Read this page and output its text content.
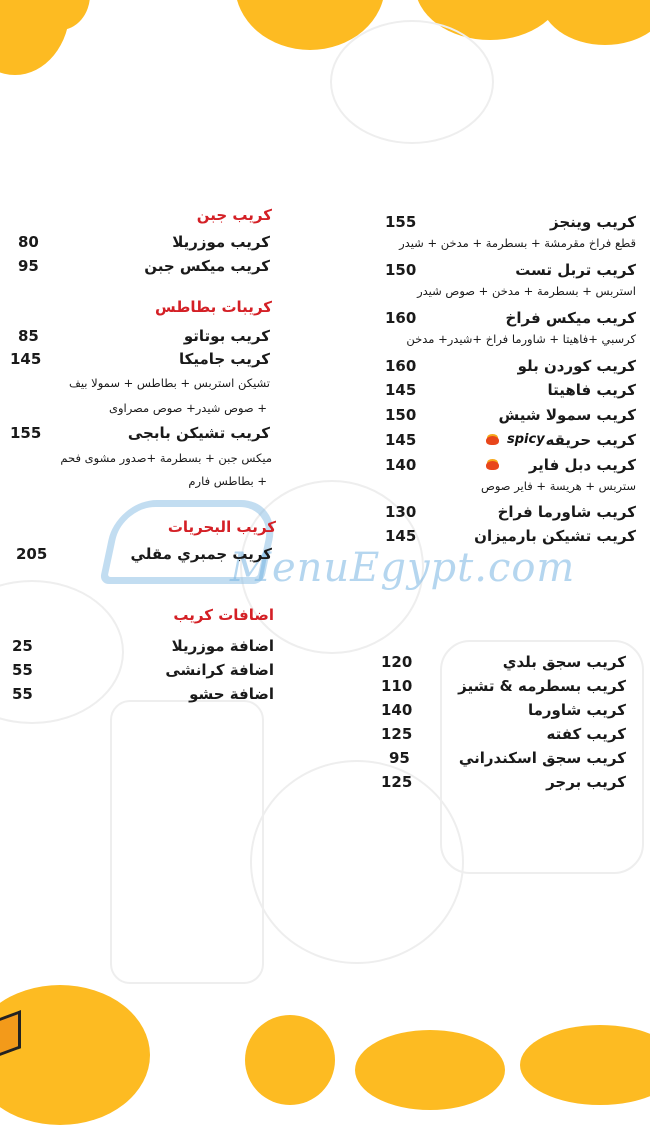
MenuEgypt.com
كريب وينجز
155
قطع فراخ مقرمشة + بسطرمة + مدخن + شيدر
كريب تربل تست
150
استربس + بسطرمة + مدخن + صوص شيدر
كريب ميكس فراخ
160
كرسبي +فاهيتا + شاورما فراخ +شيدر+ مدخن
كريب كوردن بلو
160
كريب فاهيتا
145
كريب سمولا شيش
150
كريب حريقه
spicy
145
كريب دبل فاير
140
ستربس + هريسة + فاير صوص
كريب شاورما فراخ
130
كريب تشيكن بارميزان
145
كريب سجق بلدي
120
كريب بسطرمه & تشيز
110
كريب شاورما
140
كريب كفته
125
كريب سجق اسكندراني
95
كريب برجر
125
كريب جبن
كريب موزريلا
80
كريب ميكس جبن
95
كريبات بطاطس
كريب بوتاتو
85
كريب جاميكا
145
تشيكن استربس + بطاطس + سمولا بيف
+ صوص شيدر+ صوص مصراوى
كريب تشيكن بابجى
155
ميكس جبن + بسطرمة +صدور مشوى فحم
+ بطاطس فارم
كريب البحريات
كريب جمبري مقلي
205
اضافات كريب
اضافة موزريلا
25
اضافة كرانشى
55
اضافة حشو
55
